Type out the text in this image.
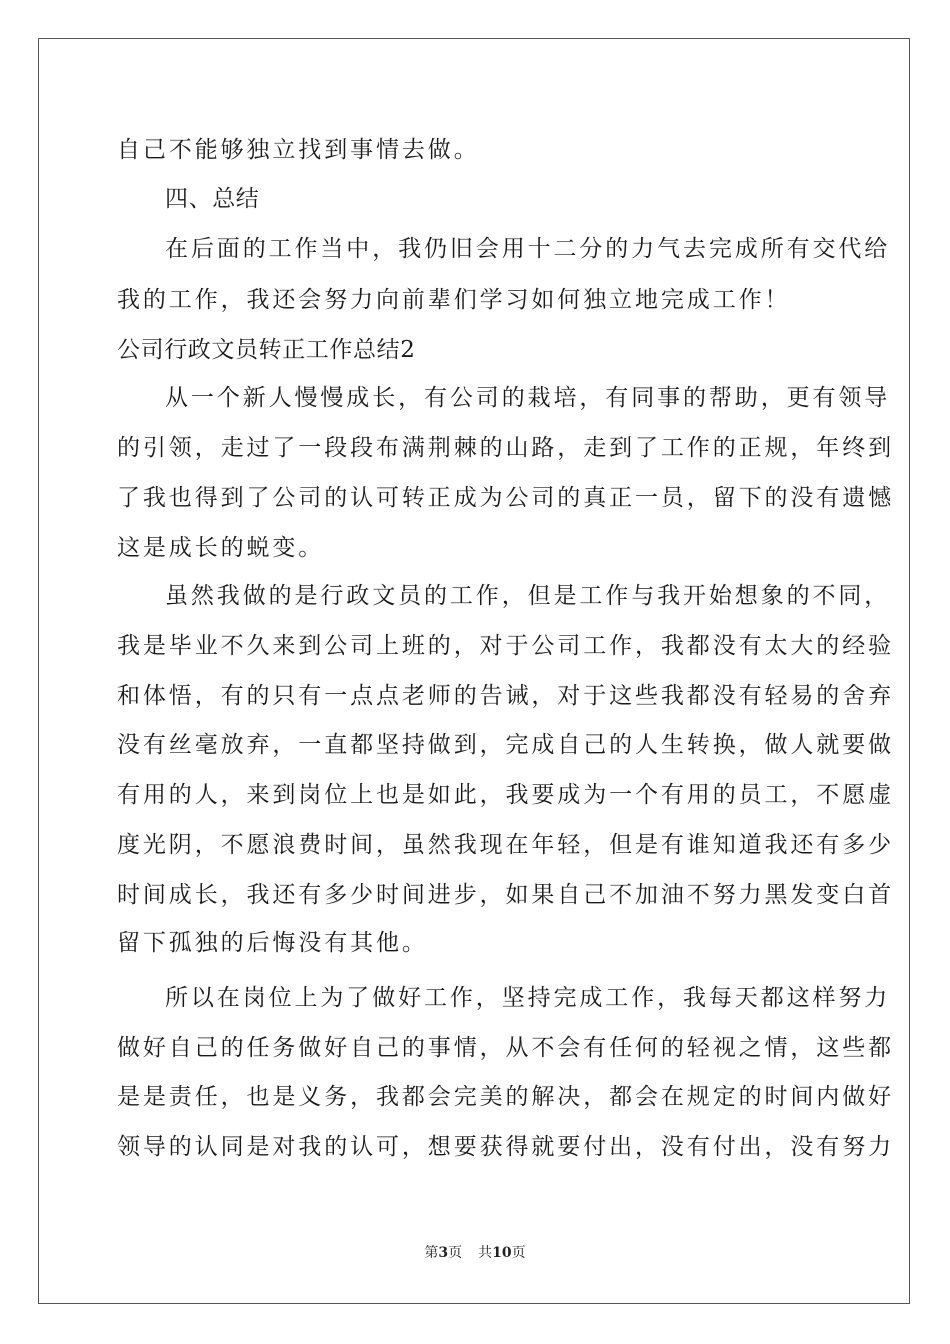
自己不能够独立找到事情去做。
四、总结
在后面的工作当中，我仍旧会用十二分的力气去完成所有交代给
我的工作，我还会努力向前辈们学习如何独立地完成工作！
公司行政文员转正工作总结2
从一个新人慢慢成长，有公司的栽培，有同事的帮助，更有领导
的引领，走过了一段段布满荆棘的山路，走到了工作的正规，年终到
了我也得到了公司的认可转正成为公司的真正一员，留下的没有遗憾
这是成长的蜕变。
虽然我做的是行政文员的工作，但是工作与我开始想象的不同，
我是毕业不久来到公司上班的，对于公司工作，我都没有太大的经验
和体悟，有的只有一点点老师的告诫，对于这些我都没有轻易的舍弃
没有丝毫放弃，一直都坚持做到，完成自己的人生转换，做人就要做
有用的人，来到岗位上也是如此，我要成为一个有用的员工，不愿虚
度光阴，不愿浪费时间，虽然我现在年轻，但是有谁知道我还有多少
时间成长，我还有多少时间进步，如果自己不加油不努力黑发变白首
留下孤独的后悔没有其他。
所以在岗位上为了做好工作，坚持完成工作，我每天都这样努力
做好自己的任务做好自己的事情，从不会有任何的轻视之情，这些都
是是责任，也是义务，我都会完美的解决，都会在规定的时间内做好
领导的认同是对我的认可，想要获得就要付出，没有付出，没有努力
第3页 共10页
